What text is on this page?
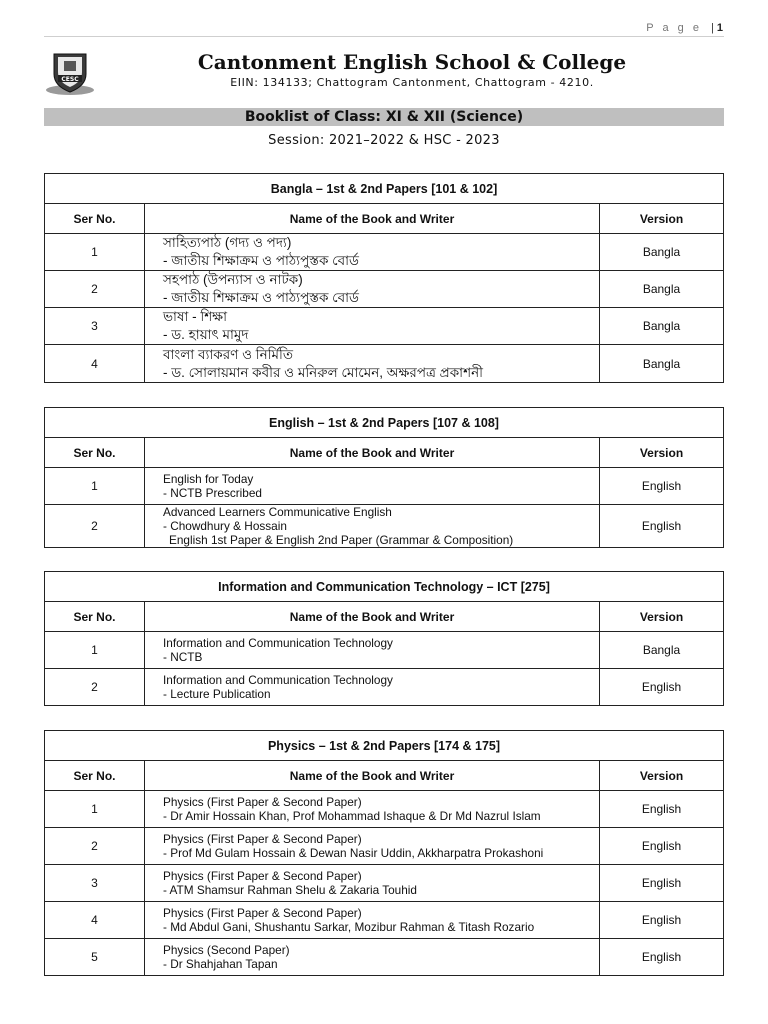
P a g e | 1
CESC
Cantonment English School & College
EIIN: 134133; Chattogram Cantonment, Chattogram - 4210.
Booklist of Class: XI & XII (Science)
Session: 2021–2022 & HSC - 2023
Bangla – 1st & 2nd Papers [101 & 102]		
Ser No.	Name of the Book and Writer	Version
1	সাহিত্যপাঠ (গদ্য ও পদ্য)
- জাতীয় শিক্ষাক্রম ও পাঠ্যপুস্তক বোর্ড	Bangla
2	সহপাঠ (উপন্যাস ও নাটক)
- জাতীয় শিক্ষাক্রম ও পাঠ্যপুস্তক বোর্ড	Bangla
3	ভাষা - শিক্ষা
- ড. হায়াৎ মামুদ	Bangla
4	বাংলা ব্যাকরণ ও নির্মিতি
- ড. সোলায়মান কবীর ও মনিরুল মোমেন, অক্ষরপত্র প্রকাশনী	Bangla
English – 1st & 2nd Papers [107 & 108]		
Ser No.	Name of the Book and Writer	Version
1	English for Today
- NCTB Prescribed	English
2	Advanced Learners Communicative English
- Chowdhury & Hossain
English 1st Paper & English 2nd Paper (Grammar & Composition)	English
Information and Communication Technology – ICT [275]		
Ser No.	Name of the Book and Writer	Version
1	Information and Communication Technology
- NCTB	Bangla
2	Information and Communication Technology
- Lecture Publication	English
Physics – 1st & 2nd Papers [174 & 175]		
Ser No.	Name of the Book and Writer	Version
1	Physics (First Paper & Second Paper)
- Dr Amir Hossain Khan, Prof Mohammad Ishaque & Dr Md Nazrul Islam	English
2	Physics (First Paper & Second Paper)
- Prof Md Gulam Hossain & Dewan Nasir Uddin, Akkharpatra Prokashoni	English
3	Physics (First Paper & Second Paper)
- ATM Shamsur Rahman Shelu & Zakaria Touhid	English
4	Physics (First Paper & Second Paper)
- Md Abdul Gani, Shushantu Sarkar, Mozibur Rahman & Titash Rozario	English
5	Physics (Second Paper)
- Dr Shahjahan Tapan	English
